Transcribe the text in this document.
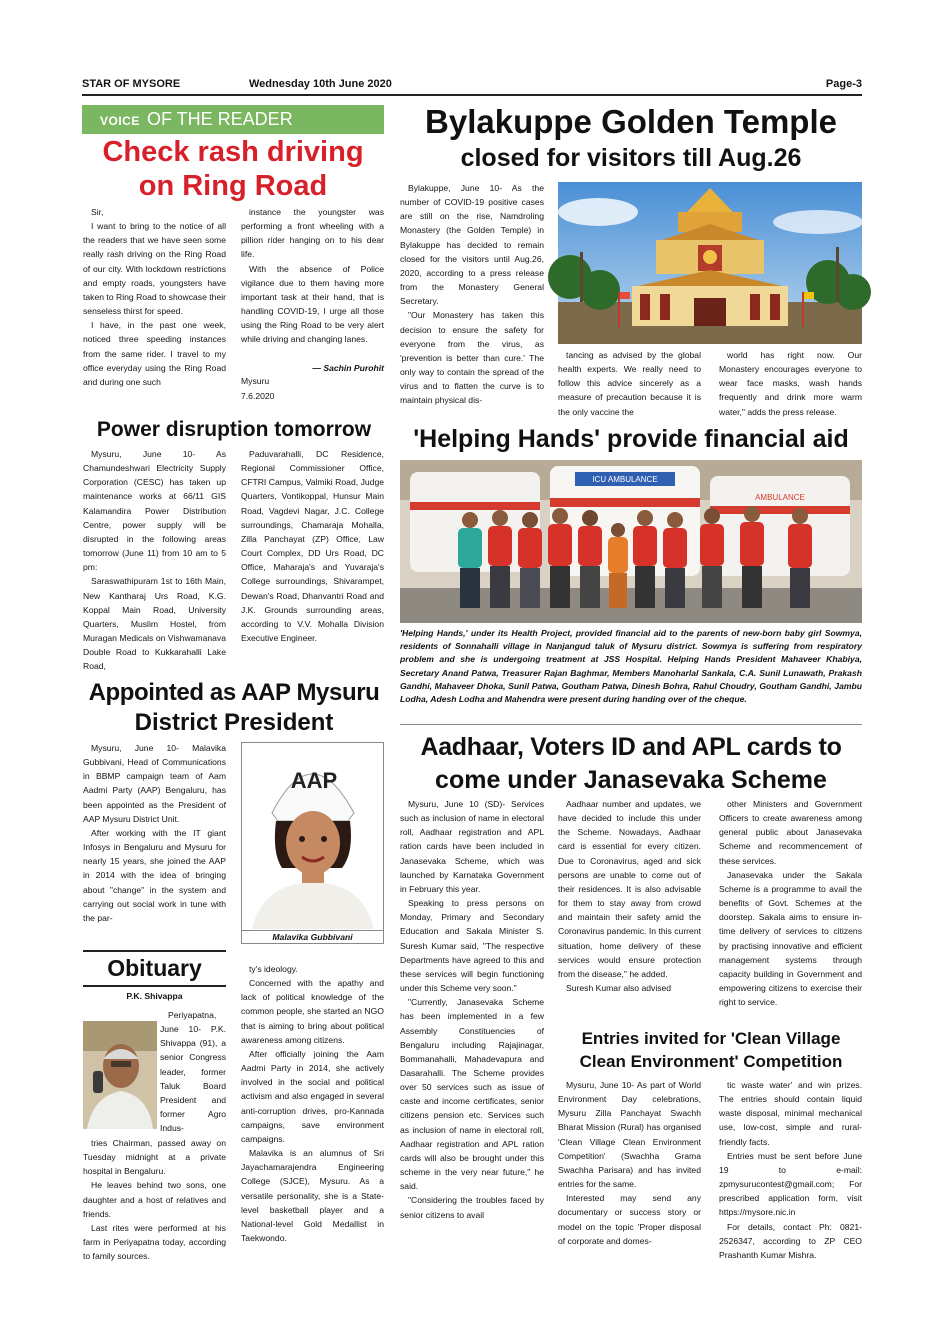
STAR OF MYSORE	Wednesday 10th June 2020	Page-3
VOICE OF THE READER
Check rash driving
on Ring Road
Sir,
I want to bring to the notice of all the readers that we have seen some really rash driving on the Ring Road of our city. With lockdown restrictions and empty roads, youngsters have taken to Ring Road to showcase their senseless thirst for speed.
I have, in the past one week, noticed three speeding instances from the same rider. I travel to my office everyday using the Ring Road and during one such
instance the youngster was performing a front wheeling with a pillion rider hanging on to his dear life.
With the absence of Police vigilance due to them having more important task at their hand, that is handling COVID-19, I urge all those using the Ring Road to be very alert while driving and changing lanes.
— Sachin Purohit
Mysuru
7.6.2020
Bylakuppe Golden Temple
closed for visitors till Aug.26
Bylakuppe, June 10- As the number of COVID-19 positive cases are still on the rise, Namdroling Monastery (the Golden Temple) in Bylakuppe has decided to remain closed for the visitors until Aug.26, 2020, according to a press release from the Monastery General Secretary.
"Our Monastery has taken this decision to ensure the safety for everyone from the virus, as 'prevention is better than cure.' The only way to contain the spread of the virus and to flatten the curve is to maintain physical dis-
tancing as advised by the global health experts. We really need to follow this advice sincerely as a measure of precaution because it is the only vaccine the
world has right now. Our Monastery encourages everyone to wear face masks, wash hands frequently and drink more warm water," adds the press release.
Power disruption tomorrow
Mysuru, June 10- As Chamundeshwari Electricity Supply Corporation (CESC) has taken up maintenance works at 66/11 GIS Kalamandira Power Distribution Centre, power supply will be disrupted in the following areas tomorrow (June 11) from 10 am to 5 pm:
Saraswathipuram 1st to 16th Main, New Kantharaj Urs Road, K.G. Koppal Main Road, University Quarters, Muslim Hostel, from Muragan Medicals on Vishwamanava Double Road to Kukkarahalli Lake Road,
Paduvarahalli, DC Residence, Regional Commissioner Office, CFTRI Campus, Valmiki Road, Judge Quarters, Vontikoppal, Hunsur Main Road, Vagdevi Nagar, J.C. College surroundings, Chamaraja Mohalla, Zilla Panchayat (ZP) Office, Law Court Complex, DD Urs Road, DC Office, Maharaja's and Yuvaraja's College surroundings, Shivarampet, Dewan's Road, Dhanvantri Road and J.K. Grounds surrounding areas, according to V.V. Mohalla Division Executive Engineer.
'Helping Hands' provide financial aid
ICU AMBULANCE
AMBULANCE
'Helping Hands,' under its Health Project, provided financial aid to the parents of new-born baby girl Sowmya, residents of Sonnahalli village in Nanjangud taluk of Mysuru district. Sowmya is suffering from respiratory problem and she is undergoing treatment at JSS Hospital. Helping Hands President Mahaveer Khabiya, Secretary Anand Patwa, Treasurer Rajan Baghmar, Members Manoharlal Sankala, C.A. Sunil Lunawath, Prakash Gandhi, Mahaveer Dhoka, Sunil Patwa, Goutham Patwa, Dinesh Bohra, Rahul Choudry, Goutham Gandhi, Jambu Lodha, Adesh Lodha and Mahendra were present during handing over of the cheque.
Appointed as AAP Mysuru
District President
Mysuru, June 10- Malavika Gubbivani, Head of Communications in BBMP campaign team of Aam Aadmi Party (AAP) Bengaluru, has been appointed as the President of AAP Mysuru District Unit.
After working with the IT giant Infosys in Bengaluru and Mysuru for nearly 15 years, she joined the AAP in 2014 with the idea of bringing about "change" in the system and carrying out social work in tune with the par-
AAP
Malavika Gubbivani
ty's ideology.
Concerned with the apathy and lack of political knowledge of the common people, she started an NGO that is aiming to bring about political awareness among citizens.
After officially joining the Aam Aadmi Party in 2014, she actively involved in the social and political activism and also engaged in several anti-corruption drives, pro-Kannada campaigns, save environment campaigns.
Malavika is an alumnus of Sri Jayachamarajendra Engineering College (SJCE), Mysuru. As a versatile personality, she is a State-level basketball player and a National-level Gold Medallist in Taekwondo.
Obituary
P.K. Shivappa
Periyapatna, June 10- P.K. Shivappa (91), a senior Congress leader, former Taluk Board President and former Agro Indus-
tries Chairman, passed away on Tuesday midnight at a private hospital in Bengaluru.
He leaves behind two sons, one daughter and a host of relatives and friends.
Last rites were performed at his farm in Periyapatna today, according to family sources.
Aadhaar, Voters ID and APL cards to
come under Janasevaka Scheme
Mysuru, June 10 (SD)- Services such as inclusion of name in electoral roll, Aadhaar registration and APL ration cards have been included in Janasevaka Scheme, which was launched by Karnataka Government in February this year.
Speaking to press persons on Monday, Primary and Secondary Education and Sakala Minister S. Suresh Kumar said, "The respective Departments have agreed to this and these services will begin functioning under this Scheme very soon."
"Currently, Janasevaka Scheme has been implemented in a few Assembly Constituencies of Bengaluru including Rajajinagar, Bommanahalli, Mahadevapura and Dasarahalli. The Scheme provides over 50 services such as issue of caste and income certificates, senior citizens pension etc. Services such as inclusion of name in electoral roll, Aadhaar registration and APL ration cards will also be brought under this scheme in the very near future," he said.
"Considering the troubles faced by senior citizens to avail
Aadhaar number and updates, we have decided to include this under the Scheme. Nowadays, Aadhaar card is essential for every citizen. Due to Coronavirus, aged and sick persons are unable to come out of their residences. It is also advisable for them to stay away from crowd and maintain their safety amid the Coronavirus pandemic. In this current situation, home delivery of these services would ensure protection from the disease," he added.
Suresh Kumar also advised
other Ministers and Government Officers to create awareness among general public about Janasevaka Scheme and recommencement of these services.
Janasevaka under the Sakala Scheme is a programme to avail the benefits of Govt. Schemes at the doorstep. Sakala aims to ensure in-time delivery of services to citizens by practising innovative and efficient management systems through capacity building in Government and empowering citizens to exercise their right to service.
Entries invited for 'Clean Village
Clean Environment' Competition
Mysuru, June 10- As part of World Environment Day celebrations, Mysuru Zilla Panchayat Swachh Bharat Mission (Rural) has organised 'Clean Village Clean Environment Competition' (Swachha Grama Swachha Parisara) and has invited entries for the same.
Interested may send any documentary or success story or model on the topic 'Proper disposal of corporate and domes-
tic waste water' and win prizes. The entries should contain liquid waste disposal, minimal mechanical use, low-cost, simple and rural-friendly facts.
Entries must be sent before June 19 to e-mail: zpmysurucontest@gmail.com; For prescribed application form, visit https://mysore.nic.in
For details, contact Ph: 0821-2526347, according to ZP CEO Prashanth Kumar Mishra.
